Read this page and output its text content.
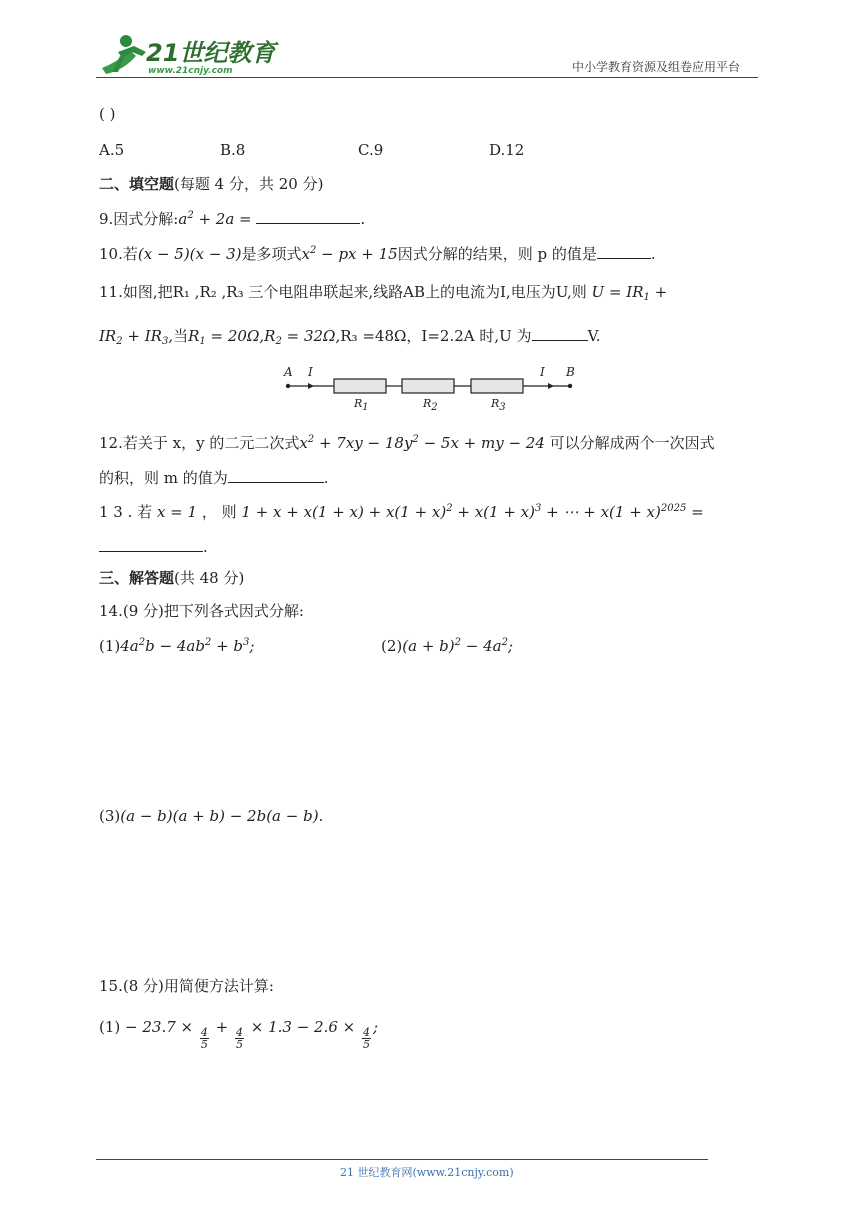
21世纪教育
www.21cnjy.com	中小学教育资源及组卷应用平台
( )
A.5	B.8	C.9	D.12
二、填空题(每题 4 分，共 20 分)
9.因式分解$:a^2 + 2a$ =	.
10.若(x − 5)(x − 3)是多项式$x^2$ − px + 15因式分解的结果，则 p 的值是	.
11.如图,把R₁ ,R₂ ,R₃ 三个电阻串联起来,线路AB上的电流为I,电压为U,则 $U = IR_1$ +
$IR_2 + IR_3$,当$R_1 = 20\Omega,R_2 = 32\Omega,R_3 =48\Omega$，I=2.2A 时,U 为	V.
A I	I B
$R_1$	$R_2$	$R_3$
12.若关于 x，y 的二元二次式$x^2 + 7xy - 18y^2 - 5x$ + my − 24 可以分解成两个一次因式
的积，则 m 的值为	.
1 3 . 若 x = 1 ， 则 $1 + x + x(1 + x) + x(1 + x)^2 + x(1 + x)^3$ + ⋯ + $x(1 + x)^{2025}$ =
.
三、解答题(共 48 分)
14.(9 分)把下列各式因式分解:
$(1)4a^2b - 4ab^2 + b^3$;	$(2)(a + b)^2 - 4a^2$;
(3)(a − b)(a + b) − 2b(a − b).
15.(8 分)用简便方法计算:
$(1) - 23.7 \times \frac{4}{5} + \frac{4}{5} \times 1.3 - 2.6 \times \frac{4}{5}$ ;
21 世纪教育网(www.21cnjy.com)
